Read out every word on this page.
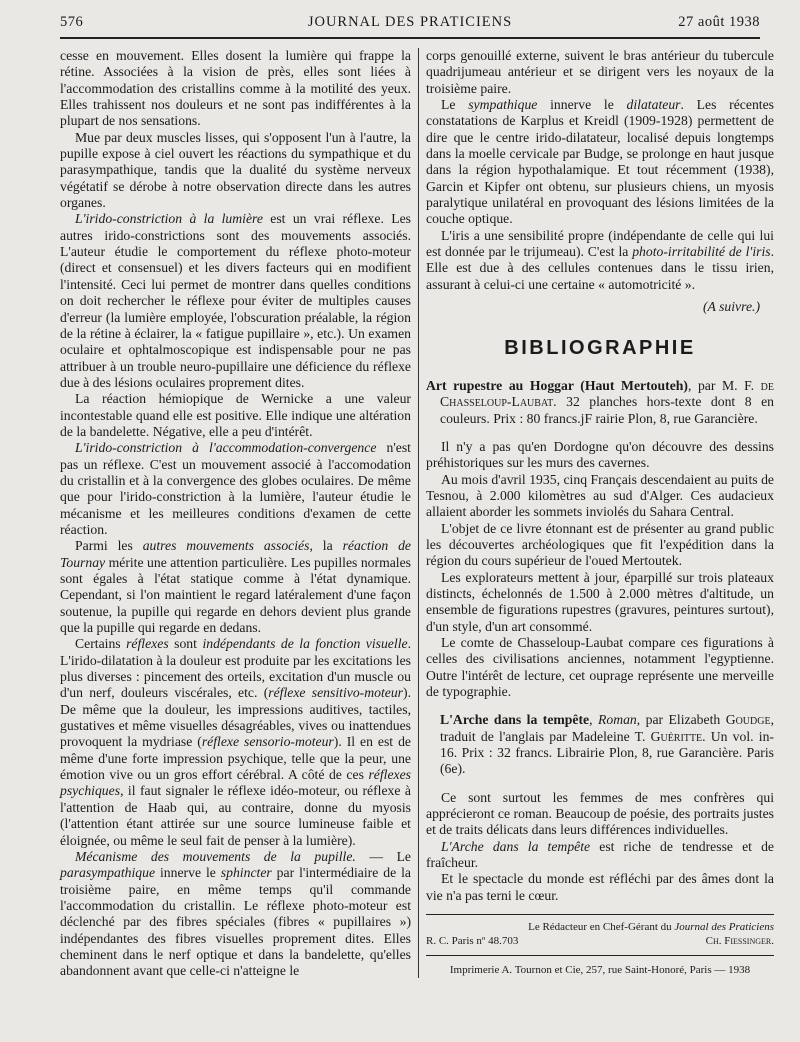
576	JOURNAL DES PRATICIENS	27 août 1938

cesse en mouvement. Elles dosent la lumière qui frappe la rétine. Associées à la vision de près, elles sont liées à l'accommodation des cristallins comme à la motilité des yeux. Elles trahissent nos douleurs et ne sont pas indifférentes à la plupart de nos sensations.

Mue par deux muscles lisses, qui s'opposent l'un à l'autre, la pupille expose à ciel ouvert les réactions du sympathique et du parasympathique, tandis que la dualité du système nerveux végétatif se dérobe à notre observation directe dans les autres organes.

L'irido-constriction à la lumière est un vrai réflexe. Les autres irido-constrictions sont des mouvements associés. L'auteur étudie le comportement du réflexe photo-moteur (direct et consensuel) et les divers facteurs qui en modifient l'intensité. Ceci lui permet de montrer dans quelles conditions on doit rechercher le réflexe pour éviter de multiples causes d'erreur (la lumière employée, l'obscuration préalable, la région de la rétine à éclairer, la « fatigue pupillaire », etc.). Un examen oculaire et ophtalmoscopique est indispensable pour ne pas attribuer à un trouble neuro-pupillaire une déficience du réflexe due à des lésions oculaires proprement dites.

La réaction hémiopique de Wernicke a une valeur incontestable quand elle est positive. Elle indique une altération de la bandelette. Négative, elle a peu d'intérêt.

L'irido-constriction à l'accommodation-convergence n'est pas un réflexe. C'est un mouvement associé à l'accomodation du cristallin et à la convergence des globes oculaires. De même que pour l'irido-constriction à la lumière, l'auteur étudie le mécanisme et les meilleures conditions d'examen de cette réaction.

Parmi les autres mouvements associés, la réaction de Tournay mérite une attention particulière. Les pupilles normales sont égales à l'état statique comme à l'état dynamique. Cependant, si l'on maintient le regard latéralement d'une façon soutenue, la pupille qui regarde en dehors devient plus grande que la pupille qui regarde en dedans.

Certains réflexes sont indépendants de la fonction visuelle. L'irido-dilatation à la douleur est produite par les excitations les plus diverses : pincement des orteils, excitation d'un muscle ou d'un nerf, douleurs viscérales, etc. (réflexe sensitivo-moteur). De même que la douleur, les impressions auditives, tactiles, gustatives et même visuelles désagréables, vives ou inattendues provoquent la mydriase (réflexe sensorio-moteur). Il en est de même d'une forte impression psychique, telle que la peur, une émotion vive ou un gros effort cérébral. A côté de ces réflexes psychiques, il faut signaler le réflexe idéo-moteur, ou réflexe à l'attention de Haab qui, au contraire, donne du myosis (l'attention étant attirée sur une source lumineuse faible et éloignée, ou même le seul fait de penser à la lumière).

Mécanisme des mouvements de la pupille. — Le parasympathique innerve le sphincter par l'intermédiaire de la troisième paire, en même temps qu'il commande l'accommodation du cristallin. Le réflexe photo-moteur est déclenché par des fibres spéciales (fibres « pupillaires ») indépendantes des fibres visuelles proprement dites. Elles cheminent dans le nerf optique et dans la bandelette, qu'elles abandonnent avant que celle-ci n'atteigne le

corps genouillé externe, suivent le bras antérieur du tubercule quadrijumeau antérieur et se dirigent vers les noyaux de la troisième paire.

Le sympathique innerve le dilatateur. Les récentes constatations de Karplus et Kreidl (1909-1928) permettent de dire que le centre irido-dilatateur, localisé depuis longtemps dans la moelle cervicale par Budge, se prolonge en haut jusque dans la région hypothalamique. Et tout récemment (1938), Garcin et Kipfer ont obtenu, sur plusieurs chiens, un myosis paralytique unilatéral en provoquant des lésions limitées de la couche optique.

L'iris a une sensibilité propre (indépendante de celle qui lui est donnée par le trijumeau). C'est la photo-irritabilité de l'iris. Elle est due à des cellules contenues dans le tissu irien, assurant à celui-ci une certaine « automotricité ».

(A suivre.)

BIBLIOGRAPHIE

Art rupestre au Hoggar (Haut Mertouteh), par M. F. de Chasseloup-Laubat. 32 planches hors-texte dont 8 en couleurs. Prix : 80 francs.jF rairie Plon, 8, rue Garancière.

Il n'y a pas qu'en Dordogne qu'on découvre des dessins préhistoriques sur les murs des cavernes.

Au mois d'avril 1935, cinq Français descendaient au puits de Tesnou, à 2.000 kilomètres au sud d'Alger. Ces audacieux allaient aborder les sommets inviolés du Sahara Central.

L'objet de ce livre étonnant est de présenter au grand public les découvertes archéologiques que fit l'expédition dans la région du cours supérieur de l'oued Mertoutek.

Les explorateurs mettent à jour, éparpillé sur trois plateaux distincts, échelonnés de 1.500 à 2.000 mètres d'altitude, un ensemble de figurations rupestres (gravures, peintures surtout), d'un style, d'un art consommé.

Le comte de Chasseloup-Laubat compare ces figurations à celles des civilisations anciennes, notamment l'egyptienne. Outre l'intérêt de lecture, cet ouprage représente une merveille de typographie.

L'Arche dans la tempête, Roman, par Elizabeth Goudge, traduit de l'anglais par Madeleine T. Guéritte. Un vol. in-16. Prix : 32 francs. Librairie Plon, 8, rue Garancière. Paris (6e).

Ce sont surtout les femmes de mes confrères qui apprécieront ce roman. Beaucoup de poésie, des portraits justes et de traits délicats dans leurs différences individuelles.

L'Arche dans la tempête est riche de tendresse et de fraîcheur.

Et le spectacle du monde est réfléchi par des âmes dont la vie n'a pas terni le cœur.

Le Rédacteur en Chef-Gérant du Journal des Praticiens
R. C. Paris nº 48.703	Ch. Fiessinger.
Imprimerie A. Tournon et Cie, 257, rue Saint-Honoré, Paris — 1938
